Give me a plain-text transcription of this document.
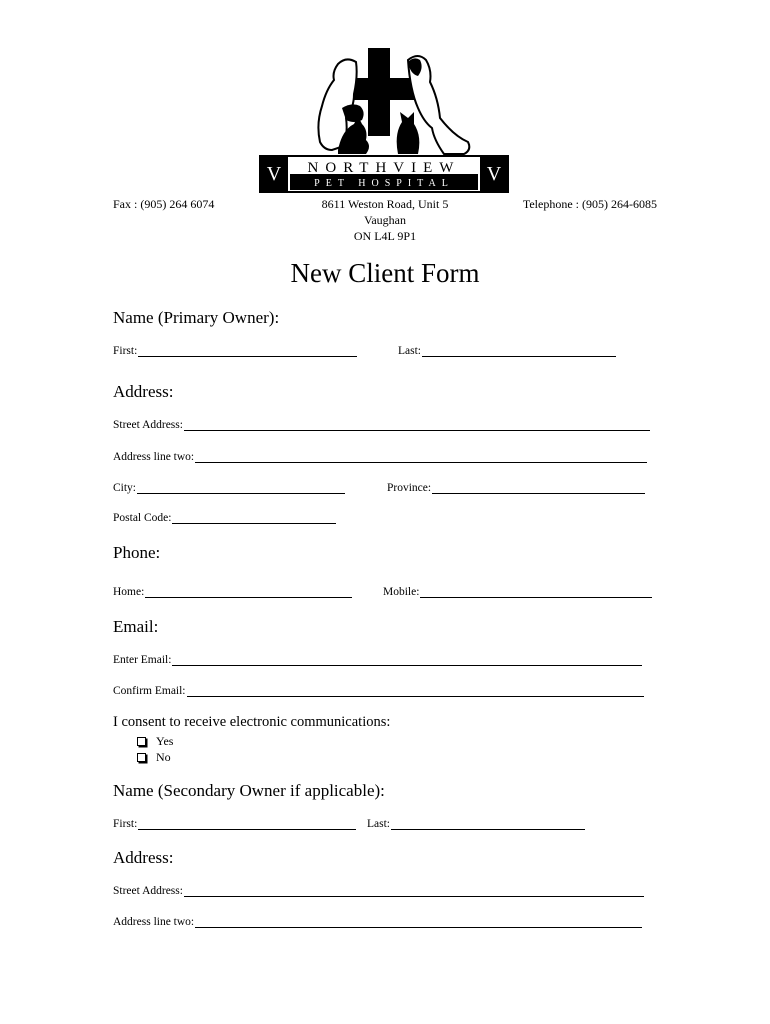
V	V
NORTHVIEW
PET HOSPITAL
Fax : (905) 264 6074	8611 Weston Road, Unit 5
Vaughan
ON L4L 9P1
Telephone : (905) 264-6085
New Client Form
Name (Primary Owner):
First:	Last:
Address:
Street Address:
Address line two:
City:	Province:
Postal Code:
Phone:
Home:	Mobile:
Email:
Enter Email:
Confirm Email:
I consent to receive electronic communications:
Yes
No
Name (Secondary Owner if applicable):
First:	Last:
Address:
Street Address:
Address line two:
